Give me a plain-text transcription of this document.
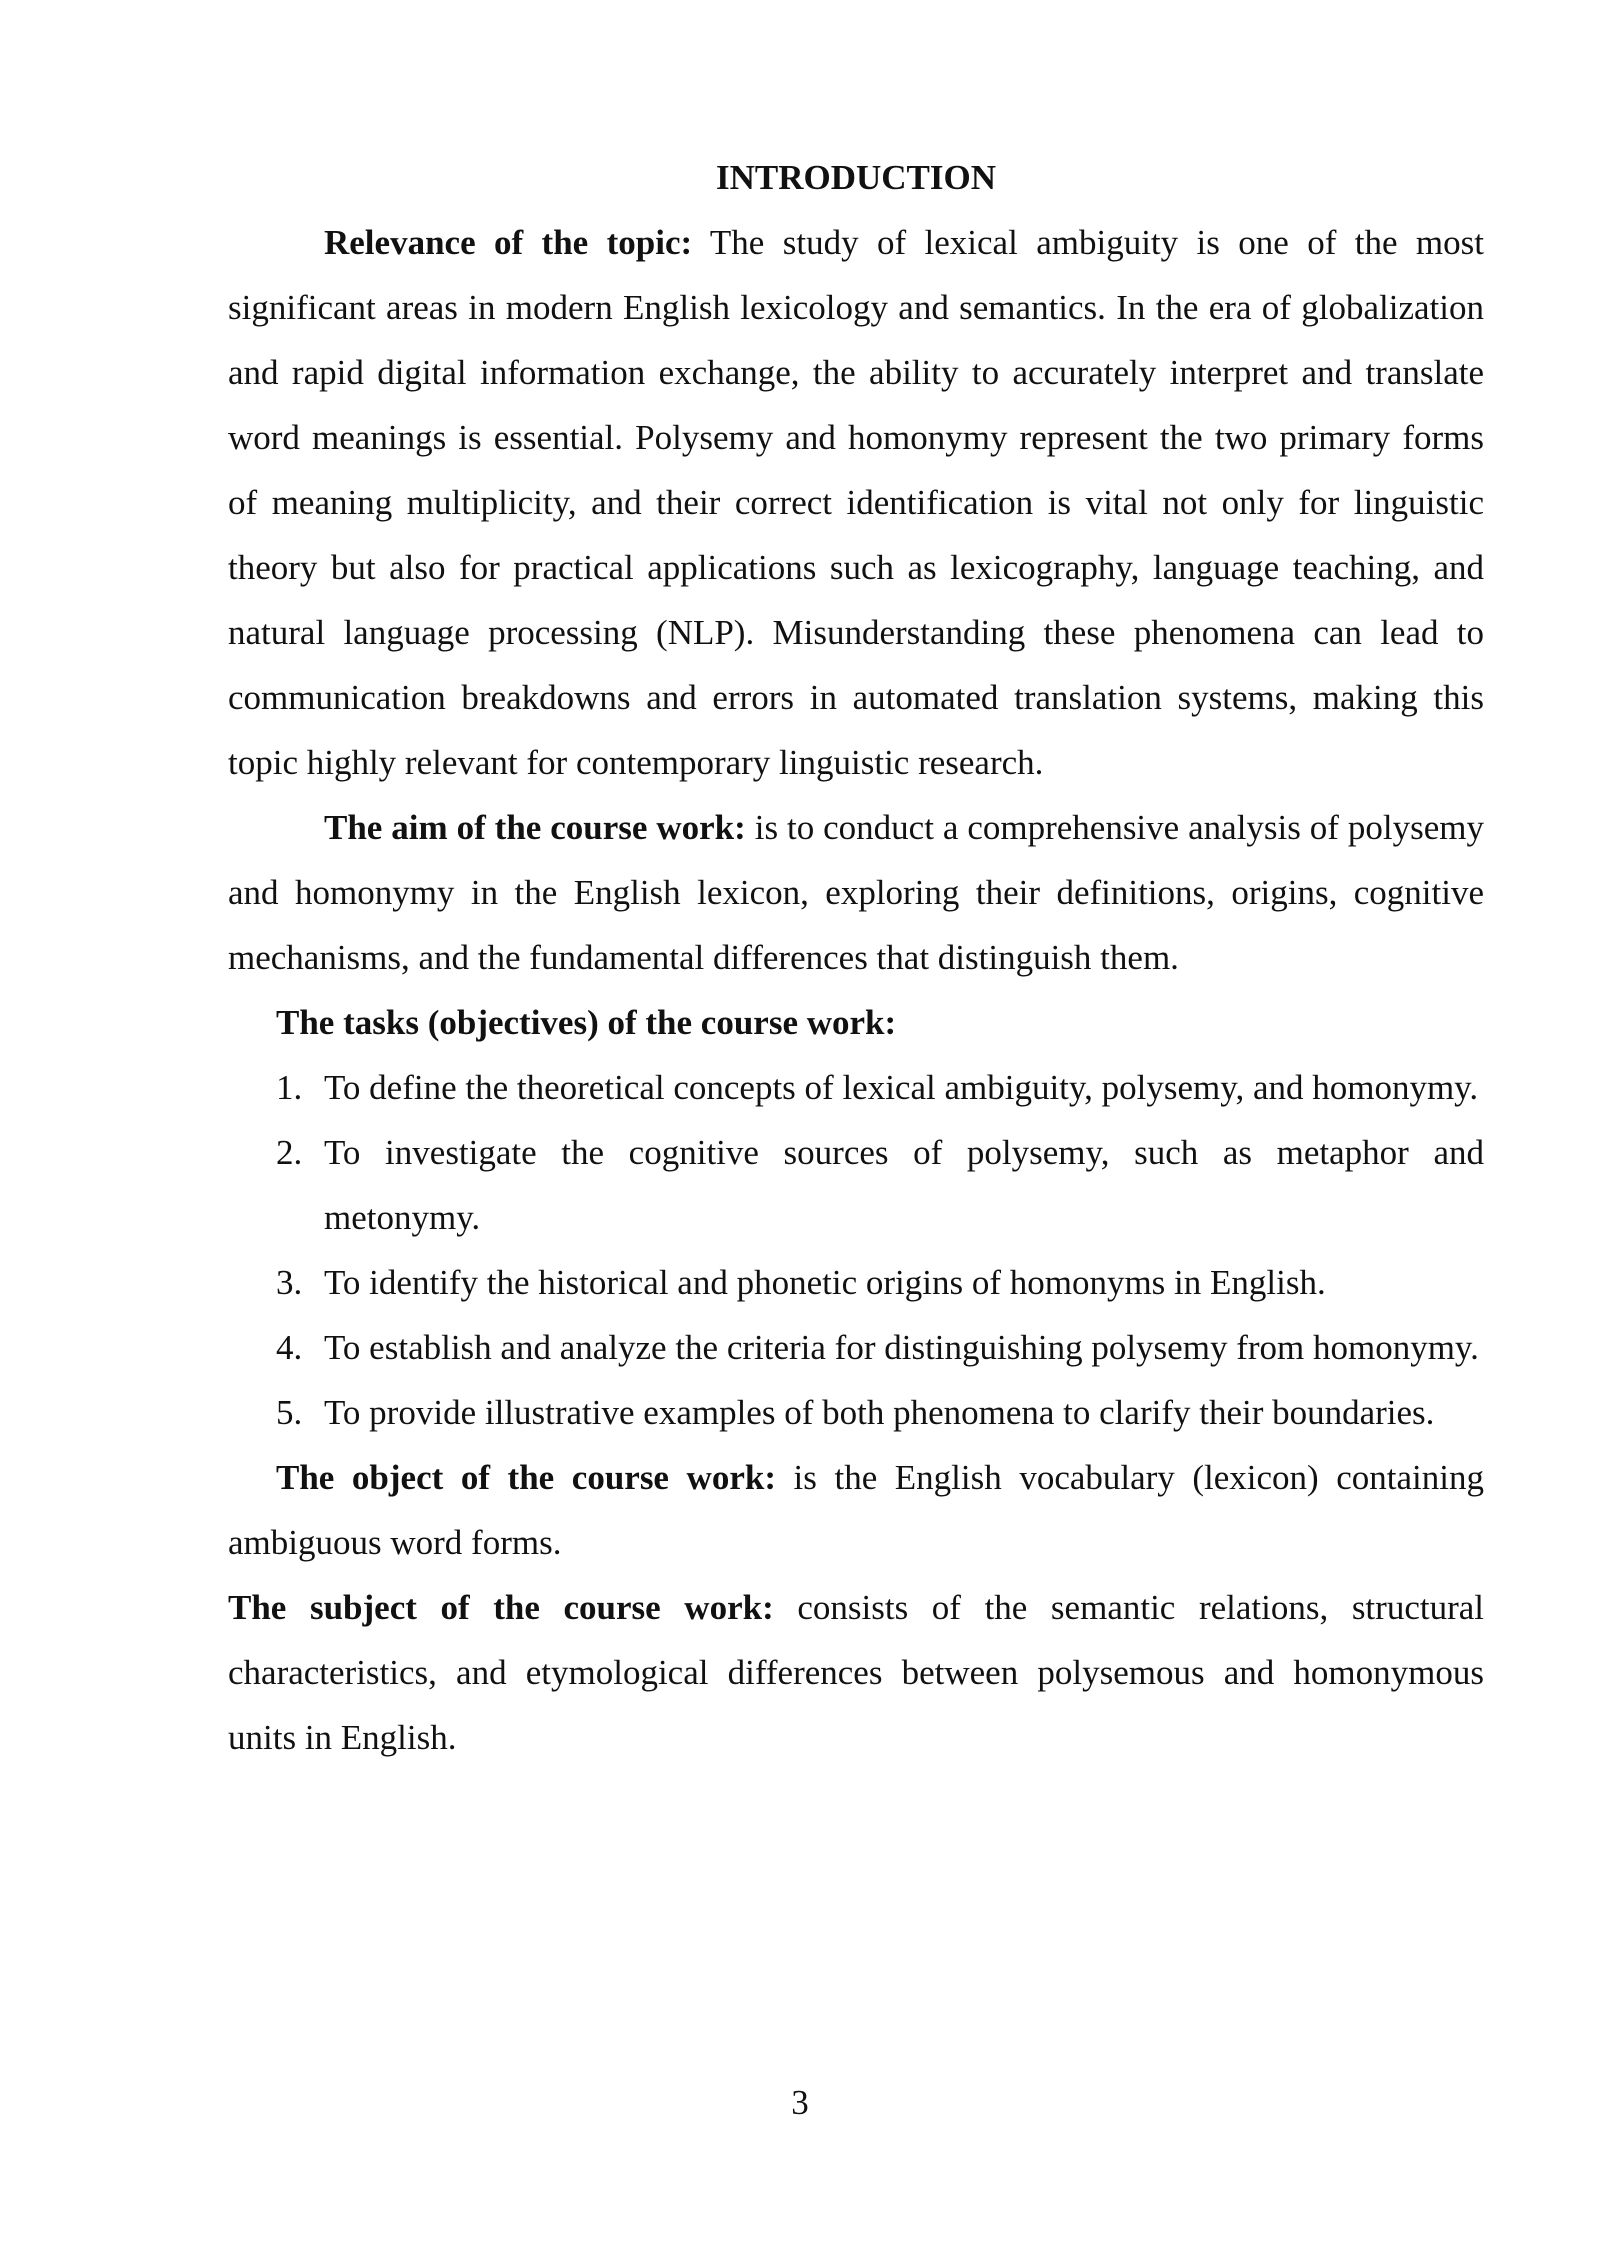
INTRODUCTION

Relevance of the topic: The study of lexical ambiguity is one of the most significant areas in modern English lexicology and semantics. In the era of globalization and rapid digital information exchange, the ability to accurately interpret and translate word meanings is essential. Polysemy and homonymy represent the two primary forms of meaning multiplicity, and their correct identification is vital not only for linguistic theory but also for practical applications such as lexicography, language teaching, and natural language processing (NLP). Misunderstanding these phenomena can lead to communication breakdowns and errors in automated translation systems, making this topic highly relevant for contemporary linguistic research.

The aim of the course work: is to conduct a comprehensive analysis of polysemy and homonymy in the English lexicon, exploring their definitions, origins, cognitive mechanisms, and the fundamental differences that distinguish them.

The tasks (objectives) of the course work:

1. To define the theoretical concepts of lexical ambiguity, polysemy, and homonymy.
2. To investigate the cognitive sources of polysemy, such as metaphor and metonymy.
3. To identify the historical and phonetic origins of homonyms in English.
4. To establish and analyze the criteria for distinguishing polysemy from homonymy.
5. To provide illustrative examples of both phenomena to clarify their boundaries.

The object of the course work: is the English vocabulary (lexicon) containing ambiguous word forms.

The subject of the course work: consists of the semantic relations, structural characteristics, and etymological differences between polysemous and homonymous units in English.

3
